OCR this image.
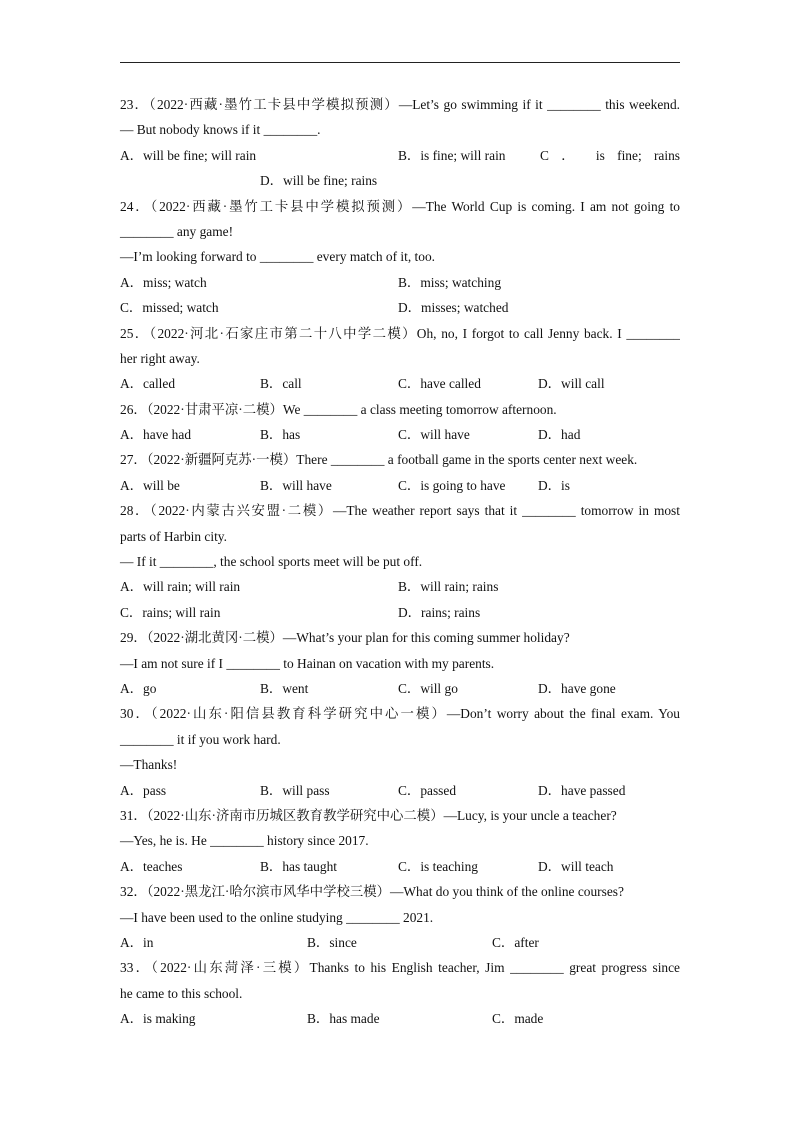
23．（2022·西藏·墨竹工卡县中学模拟预测）—Let’s go swimming if it ________ this weekend.
— But nobody knows if it ________.
A．will be fine; will rain	B．is fine; will rain	C ． is fine; rains
D．will be fine; rains
24．（2022·西藏·墨竹工卡县中学模拟预测）—The World Cup is coming. I am not going to
________ any game!
—I’m looking forward to ________ every match of it, too.
A．miss; watch	B．miss; watching
C．missed; watch	D．misses; watched
25．（2022·河北·石家庄市第二十八中学二模）Oh, no, I forgot to call Jenny back. I ________
her right away.
A．called	B．call	C．have called	D．will call
26．（2022·甘肃平凉·二模）We ________ a class meeting tomorrow afternoon.
A．have had	B．has	C．will have	D．had
27．（2022·新疆阿克苏·一模）There ________ a football game in the sports center next week.
A．will be	B．will have	C．is going to have D．is
28．（2022·内蒙古兴安盟·二模）—The weather report says that it ________ tomorrow in most
parts of Harbin city.
— If it ________, the school sports meet will be put off.
A．will rain; will rain	B．will rain; rains
C．rains; will rain	D．rains; rains
29．（2022·湖北黄冈·二模）—What’s your plan for this coming summer holiday?
—I am not sure if I ________ to Hainan on vacation with my parents.
A．go	B．went	C．will go	D．have gone
30．（2022·山东·阳信县教育科学研究中心一模）—Don’t worry about the final exam. You
________ it if you work hard.
—Thanks!
A．pass	B．will pass	C．passed	D．have passed
31．（2022·山东·济南市历城区教育教学研究中心二模）—Lucy, is your uncle a teacher?
—Yes, he is. He ________ history since 2017.
A．teaches	B．has taught	C．is teaching	D．will teach
32．（2022·黑龙江·哈尔滨市风华中学校三模）—What do you think of the online courses?
—I have been used to the online studying ________ 2021.
A．in	B．since	C．after
33．（2022·山东菏泽·三模）Thanks to his English teacher, Jim ________ great progress since
he came to this school.
A．is making	B．has made	C．made
